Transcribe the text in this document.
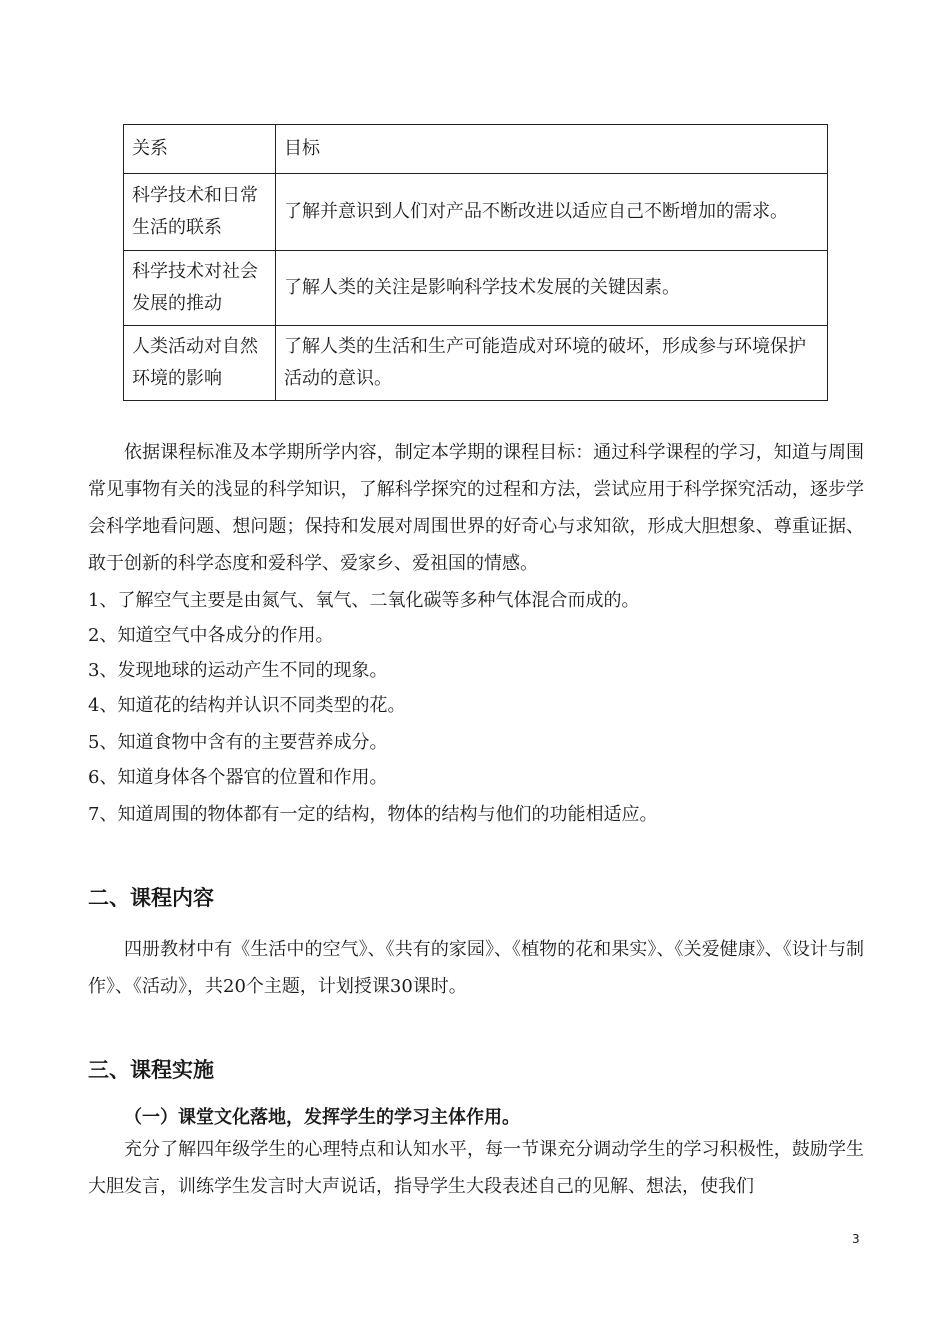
关系	目标
科学技术和日常生活的联系	了解并意识到人们对产品不断改进以适应自己不断增加的需求。
科学技术对社会发展的推动	了解人类的关注是影响科学技术发展的关键因素。
人类活动对自然环境的影响	了解人类的生活和生产可能造成对环境的破坏，形成参与环境保护活动的意识。
依据课程标准及本学期所学内容，制定本学期的课程目标：通过科学课程的学习，知道与周围常见事物有关的浅显的科学知识，了解科学探究的过程和方法，尝试应用于科学探究活动，逐步学会科学地看问题、想问题；保持和发展对周围世界的好奇心与求知欲，形成大胆想象、尊重证据、敢于创新的科学态度和爱科学、爱家乡、爱祖国的情感。
1、了解空气主要是由氮气、氧气、二氧化碳等多种气体混合而成的。
2、知道空气中各成分的作用。
3、发现地球的运动产生不同的现象。
4、知道花的结构并认识不同类型的花。
5、知道食物中含有的主要营养成分。
6、知道身体各个器官的位置和作用。
7、知道周围的物体都有一定的结构，物体的结构与他们的功能相适应。
二、课程内容
四册教材中有《生活中的空气》、《共有的家园》、《植物的花和果实》、《关爱健康》、《设计与制作》、《活动》，共20个主题，计划授课30课时。
三、课程实施
（一）课堂文化落地，发挥学生的学习主体作用。
充分了解四年级学生的心理特点和认知水平，每一节课充分调动学生的学习积极性，鼓励学生大胆发言，训练学生发言时大声说话，指导学生大段表述自己的见解、想法，使我们
3
